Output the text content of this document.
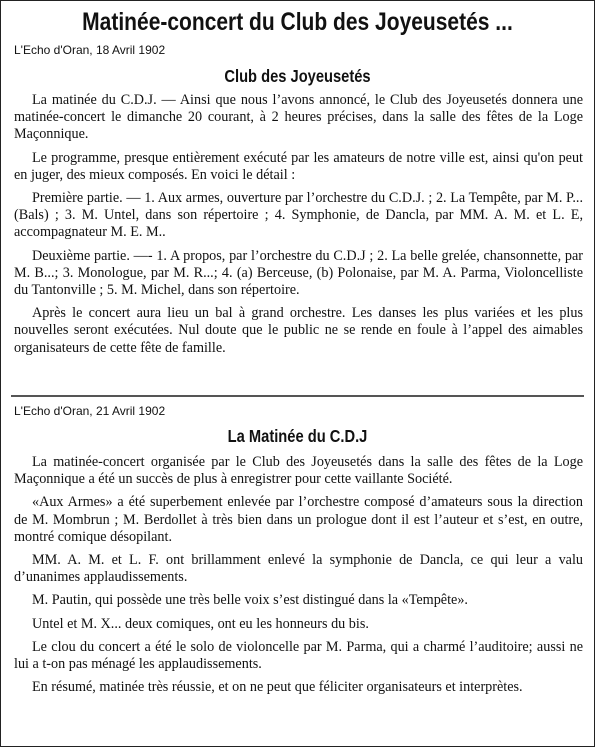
Matinée-concert du Club des Joyeusetés ...
L'Echo d'Oran, 18 Avril 1902
Club des Joyeusetés

La matinée du C.D.J. — Ainsi que nous l’avons annoncé, le Club des Joyeusetés donnera une matinée-concert le dimanche 20 courant, à 2 heures précises, dans la salle des fêtes de la Loge Maçonnique.

Le programme, presque entièrement exécuté par les amateurs de notre ville est, ainsi qu'on peut en juger, des mieux composés. En voici le détail :

Première partie. — 1. Aux armes, ouverture par l’orchestre du C.D.J. ; 2. La Tempête, par M. P... (Bals) ; 3. M. Untel, dans son répertoire ; 4. Symphonie, de Dancla, par MM. A. M. et L. E, accompagnateur M. E. M..

Deuxième partie. —- 1. A propos, par l’orchestre du C.D.J ; 2. La belle grelée, chansonnette, par M. B...; 3. Monologue, par M. R...; 4. (a) Berceuse, (b) Polonaise, par M. A. Parma, Violoncelliste du Tantonville ; 5. M. Michel, dans son répertoire.

Après le concert aura lieu un bal à grand orchestre. Les danses les plus variées et les plus nouvelles seront exécutées. Nul doute que le public ne se rende en foule à l’appel des aimables organisateurs de cette fête de famille.

L'Echo d'Oran, 21 Avril 1902
La Matinée du C.D.J

La matinée-concert organisée par le Club des Joyeusetés dans la salle des fêtes de la Loge Maçonnique a été un succès de plus à enregistrer pour cette vaillante Société.

«Aux Armes» a été superbement enlevée par l’orchestre composé d’amateurs sous la direction de M. Mombrun ; M. Berdollet à très bien dans un prologue dont il est l’auteur et s’est, en outre, montré comique désopilant.

MM. A. M. et L. F. ont brillamment enlevé la symphonie de Dancla, ce qui leur a valu d’unanimes applaudissements.

M. Pautin, qui possède une très belle voix s’est distingué dans la «Tempête».

Untel et M. X... deux comiques, ont eu les honneurs du bis.

Le clou du concert a été le solo de violoncelle par M. Parma, qui a charmé l’auditoire; aussi ne lui a t-on pas ménagé les applaudissements.

En résumé, matinée très réussie, et on ne peut que féliciter organisateurs et interprètes.
